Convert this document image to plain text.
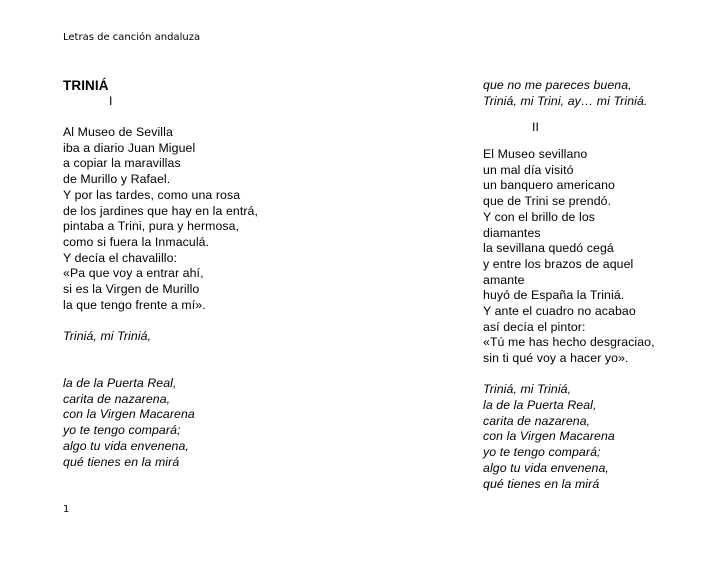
Letras de canción andaluza
TRINIÁ
I
Al Museo de Sevilla
iba a diario Juan Miguel
a copiar la maravillas
de Murillo y Rafael.
Y por las tardes, como una rosa
de los jardines que hay en la entrá,
pintaba a Trini, pura y hermosa,
como si fuera la Inmaculá.
Y decía el chavalillo:
«Pa que voy a entrar ahí,
si es la Virgen de Murillo
la que tengo frente a mí».
Triniá, mi Triniá,
la de la Puerta Real,
carita de nazarena,
con la Virgen Macarena
yo te tengo compará;
algo tu vida envenena,
qué tienes en la mirá
que no me pareces buena,
Triniá, mi Trini, ay… mi Triniá.
II
El Museo sevillano
un mal día visitó
un banquero americano
que de Trini se prendó.
Y con el brillo de los
diamantes
la sevillana quedó cegá
y entre los brazos de aquel
amante
huyó de España la Triniá.
Y ante el cuadro no acabao
así decía el pintor:
«Tú me has hecho desgraciao,
sin ti qué voy a hacer yo».
Triniá, mi Triniá,
la de la Puerta Real,
carita de nazarena,
con la Virgen Macarena
yo te tengo compará;
algo tu vida envenena,
qué tienes en la mirá
1
